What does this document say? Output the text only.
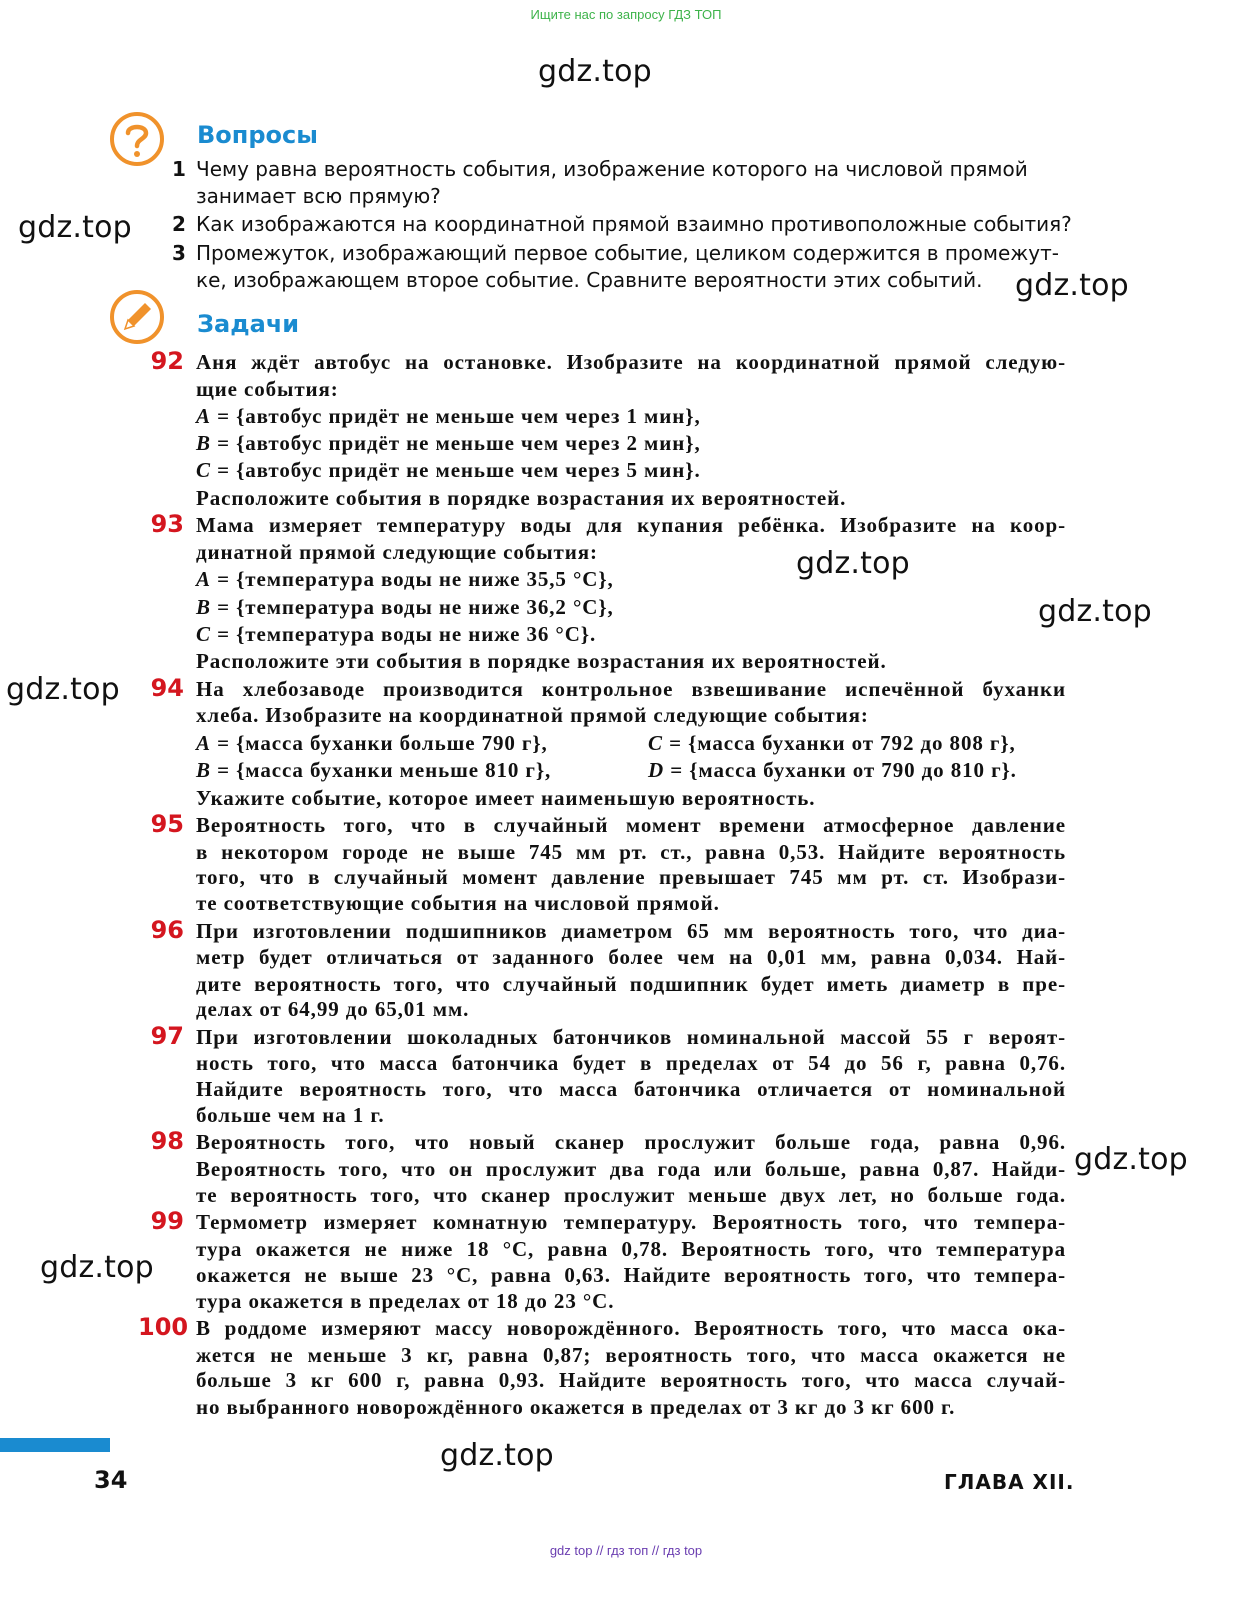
Ищите нас по запросу ГДЗ ТОП
gdz.top
gdz.top
gdz.top
gdz.top
gdz.top
gdz.top
gdz.top
gdz.top
gdz.top
Вопросы
1 Чему равна вероятность события, изображение которого на числовой прямой
занимает всю прямую?
2 Как изображаются на координатной прямой взаимно противоположные события?
3 Промежуток, изображающий первое событие, целиком содержится в промежут-
ке, изображающем второе событие. Сравните вероятности этих событий.
Задачи
92 Аня ждёт автобус на остановке. Изобразите на координатной прямой следую-
щие события:
A = {автобус придёт не меньше чем через 1 мин},
B = {автобус придёт не меньше чем через 2 мин},
C = {автобус придёт не меньше чем через 5 мин}.
Расположите события в порядке возрастания их вероятностей.
93 Мама измеряет температуру воды для купания ребёнка. Изобразите на коор-
динатной прямой следующие события:
A = {температура воды не ниже 35,5 °С},
B = {температура воды не ниже 36,2 °С},
C = {температура воды не ниже 36 °С}.
Расположите эти события в порядке возрастания их вероятностей.
94 На хлебозаводе производится контрольное взвешивание испечённой буханки
хлеба. Изобразите на координатной прямой следующие события:
A = {масса буханки больше 790 г},	C = {масса буханки от 792 до 808 г},
B = {масса буханки меньше 810 г},	D = {масса буханки от 790 до 810 г}.
Укажите событие, которое имеет наименьшую вероятность.
95 Вероятность того, что в случайный момент времени атмосферное давление
в некотором городе не выше 745 мм рт. ст., равна 0,53. Найдите вероятность
того, что в случайный момент давление превышает 745 мм рт. ст. Изобрази-
те соответствующие события на числовой прямой.
96 При изготовлении подшипников диаметром 65 мм вероятность того, что диа-
метр будет отличаться от заданного более чем на 0,01 мм, равна 0,034. Най-
дите вероятность того, что случайный подшипник будет иметь диаметр в пре-
делах от 64,99 до 65,01 мм.
97 При изготовлении шоколадных батончиков номинальной массой 55 г вероят-
ность того, что масса батончика будет в пределах от 54 до 56 г, равна 0,76.
Найдите вероятность того, что масса батончика отличается от номинальной
больше чем на 1 г.
98 Вероятность того, что новый сканер прослужит больше года, равна 0,96.
Вероятность того, что он прослужит два года или больше, равна 0,87. Найди-
те вероятность того, что сканер прослужит меньше двух лет, но больше года.
99 Термометр измеряет комнатную температуру. Вероятность того, что темпера-
тура окажется не ниже 18 °С, равна 0,78. Вероятность того, что температура
окажется не выше 23 °С, равна 0,63. Найдите вероятность того, что темпера-
тура окажется в пределах от 18 до 23 °С.
100 В роддоме измеряют массу новорождённого. Вероятность того, что масса ока-
жется не меньше 3 кг, равна 0,87; вероятность того, что масса окажется не
больше 3 кг 600 г, равна 0,93. Найдите вероятность того, что масса случай-
но выбранного новорождённого окажется в пределах от 3 кг до 3 кг 600 г.
34	ГЛАВА XII.
gdz top // гдз топ // гдз top
